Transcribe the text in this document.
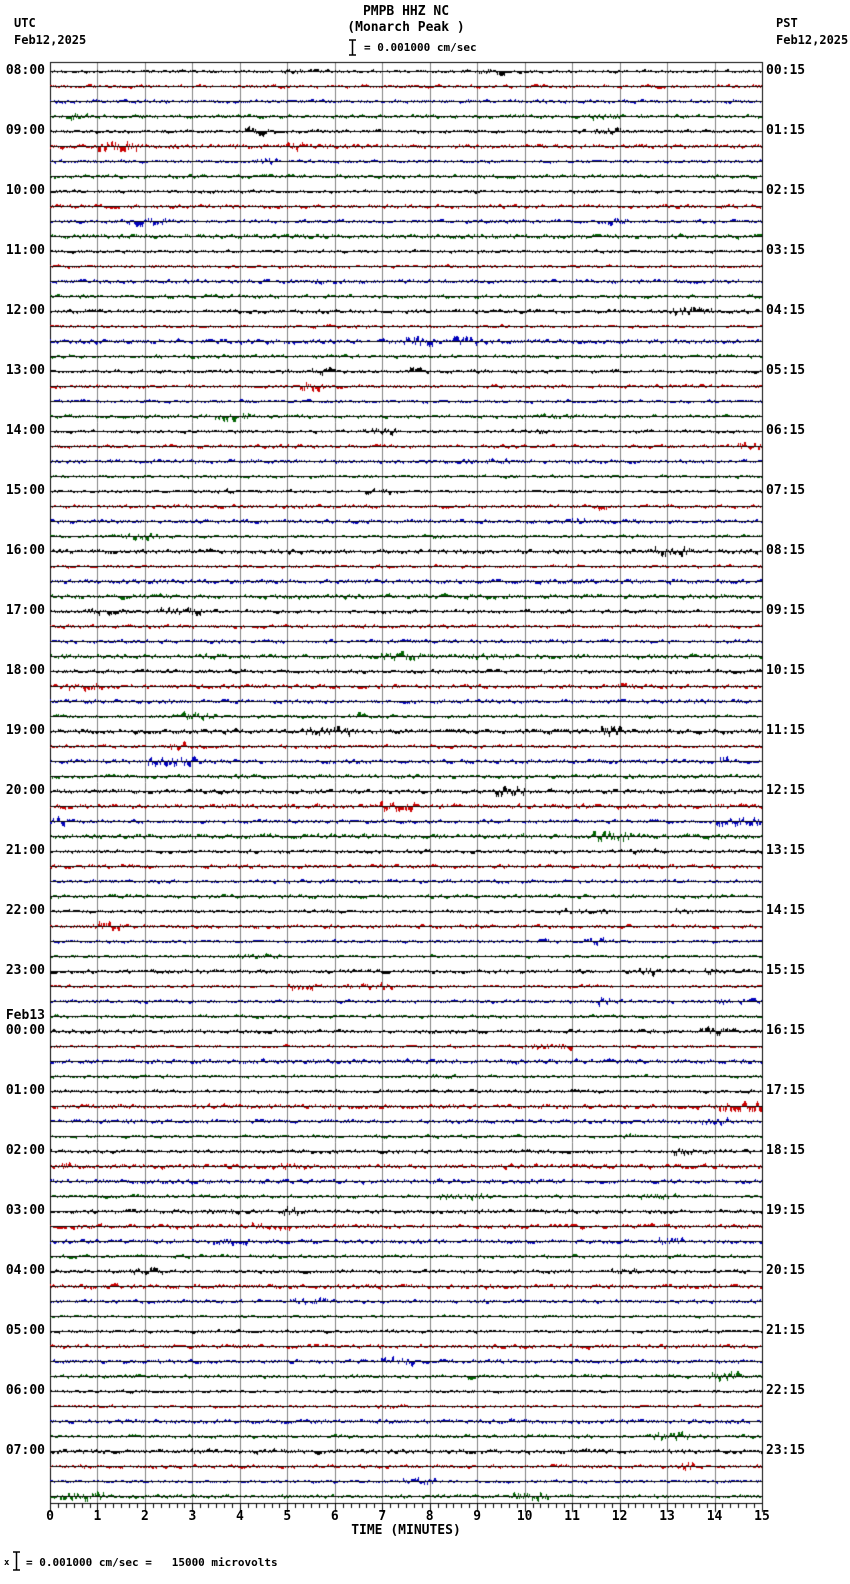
UTC
Feb12,2025
PST
Feb12,2025
PMPB HHZ NC
(Monarch Peak )
= 0.001000 cm/sec
08:00	00:15
09:00	01:15
10:00	02:15
11:00	03:15
12:00	04:15
13:00	05:15
14:00	06:15
15:00	07:15
16:00	08:15
17:00	09:15
18:00	10:15
19:00	11:15
20:00	12:15
21:00	13:15
22:00	14:15
23:00	15:15
00:00	16:15
Feb13
01:00	17:15
02:00	18:15
03:00	19:15
04:00	20:15
05:00	21:15
06:00	22:15
07:00	23:15
0	1	2	3	4	5	6	7	8	9	10	11	12	13	14	15
TIME (MINUTES)
x = 0.001000 cm/sec =   15000 microvolts
